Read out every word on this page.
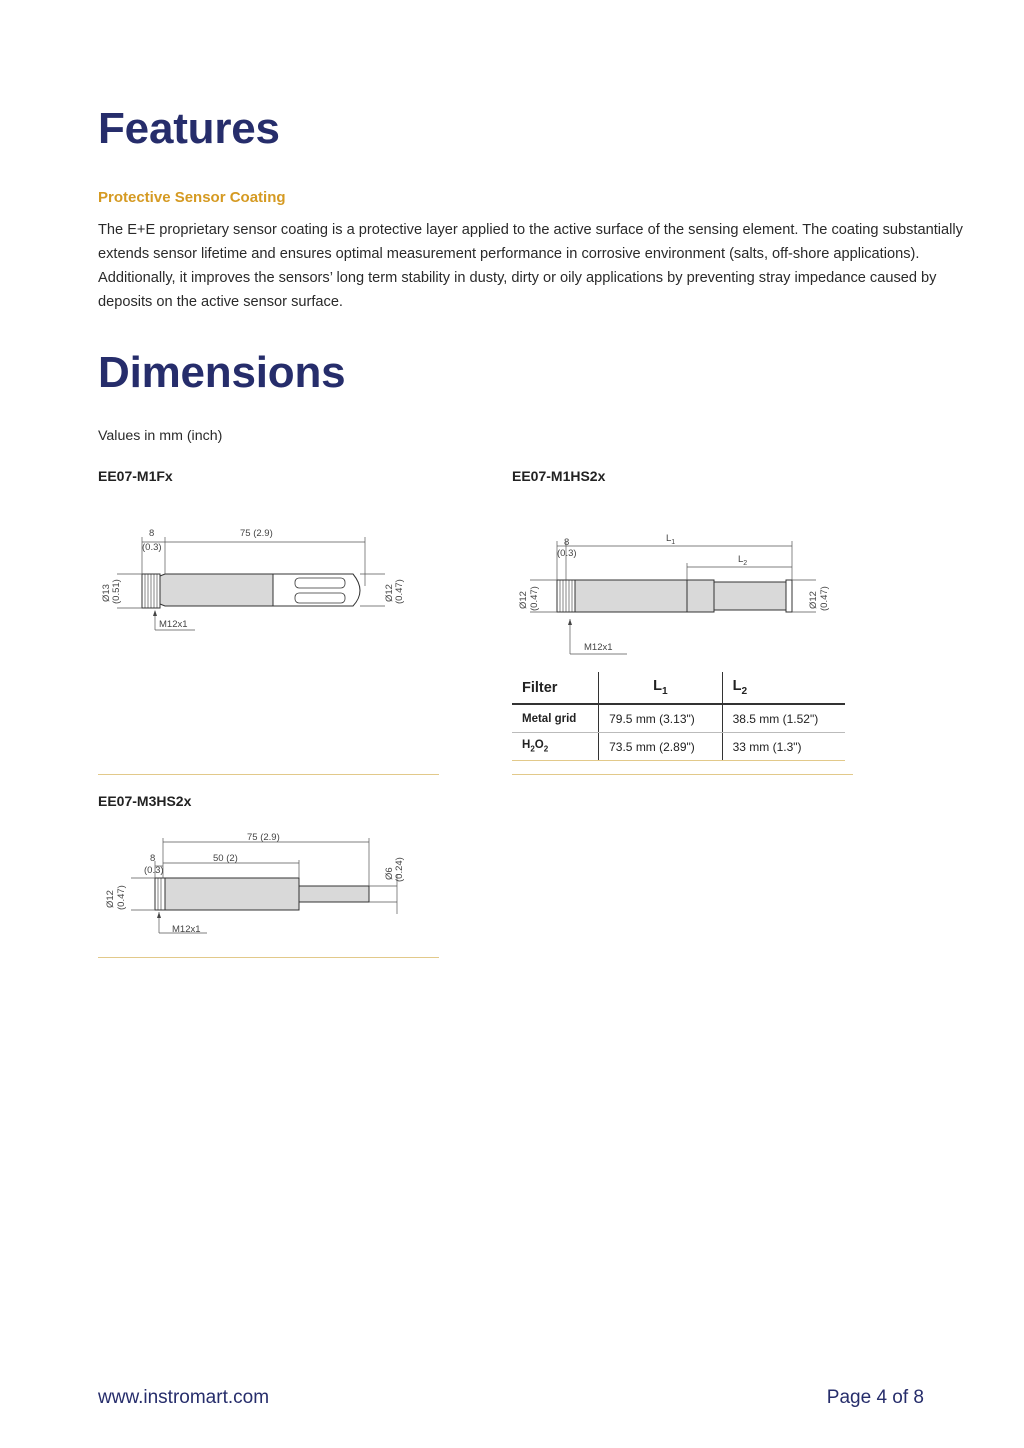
Features

Protective Sensor Coating

The E+E proprietary sensor coating is a protective layer applied to the active surface of the sensing element. The coating substantially extends sensor lifetime and ensures optimal measurement performance in corrosive environment (salts, off-shore applications). Additionally, it improves the sensors’ long term stability in dusty, dirty or oily applications by preventing stray impedance caused by deposits on the active sensor surface.

Dimensions
Values in mm (inch)
EE07-M1Fx
8
(0.3)
75 (2.9)
Ø13 (0.51)	Ø12 (0.47)
M12x1
EE07-M1HS2x
8
(0.3)
$L_1$
$L_2$
Ø12 (0.47)	Ø12 (0.47)
M12x1
Filter	$L_1$	$L_2$
Metal grid	79.5 mm (3.13")	38.5 mm (1.52")
$H_2O_2$	73.5 mm (2.89")	33 mm (1.3")
EE07-M3HS2x
75 (2.9)
50 (2)
8
(0.3)
Ø12 (0.47)
Ø6 (0.24)
M12x1
www.instromart.com	Page 4 of 8
